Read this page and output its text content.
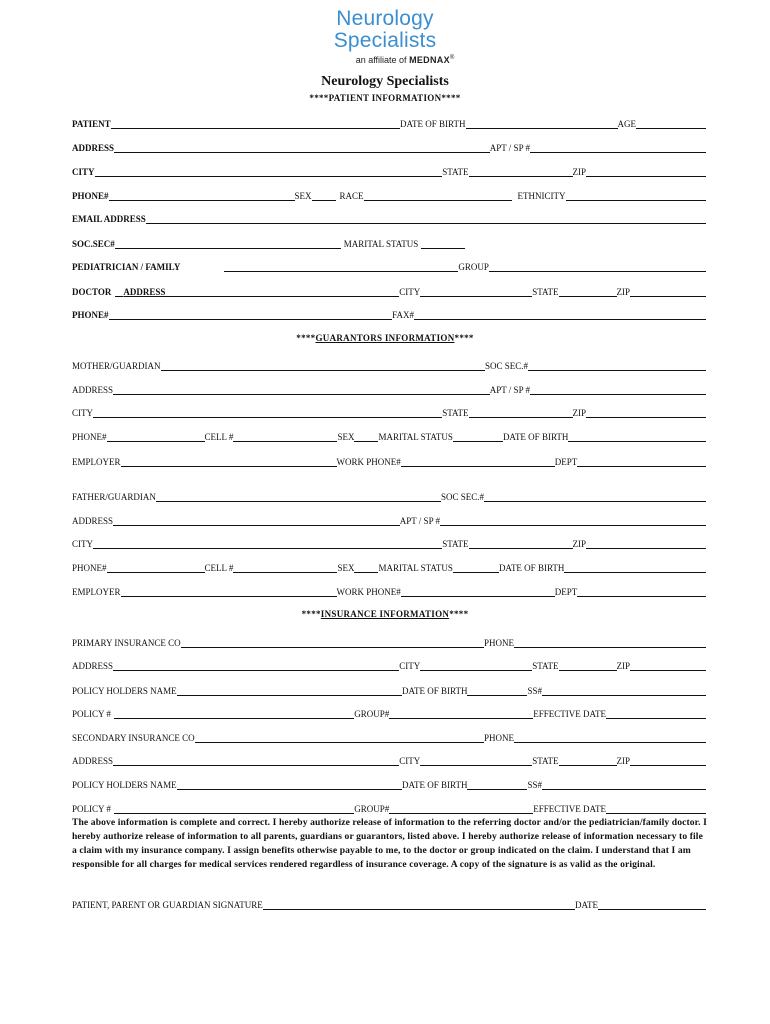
Neurology
Specialists
an affiliate of MEDNAX®
Neurology Specialists
****PATIENT INFORMATION****
PATIENT	DATE OF BIRTH	AGE
ADDRESS	APT / SP #
CITY	STATE	ZIP
PHONE#	SEX	RACE	ETHNICITY
EMAIL ADDRESS
SOC.SEC#	MARITAL STATUS
PEDIATRICIAN / FAMILY	GROUP
DOCTOR ADDRESS	CITY	STATE	ZIP
PHONE#	FAX#
****GUARANTORS INFORMATION****
MOTHER/GUARDIAN	SOC SEC.#
ADDRESS	APT / SP #
CITY	STATE	ZIP
PHONE#	CELL #	SEX	MARITAL STATUS	DATE OF BIRTH
EMPLOYER	WORK PHONE#	DEPT
FATHER/GUARDIAN	SOC SEC.#
ADDRESS	APT / SP #
CITY	STATE	ZIP
PHONE#	CELL #	SEX	MARITAL STATUS	DATE OF BIRTH
EMPLOYER	WORK PHONE#	DEPT
****INSURANCE INFORMATION****
PRIMARY INSURANCE CO	PHONE
ADDRESS	CITY	STATE	ZIP
POLICY HOLDERS NAME	DATE OF BIRTH	SS#
POLICY #	GROUP#	EFFECTIVE DATE
SECONDARY INSURANCE CO	PHONE
ADDRESS	CITY	STATE	ZIP
POLICY HOLDERS NAME	DATE OF BIRTH	SS#
POLICY #	GROUP#	EFFECTIVE DATE
The above information is complete and correct. I hereby authorize release of information to the referring doctor and/or the pediatrician/family doctor. I hereby authorize release of information to all parents, guardians or guarantors, listed above. I hereby authorize release of information necessary to file a claim with my insurance company. I assign benefits otherwise payable to me, to the doctor or group indicated on the claim. I understand that I am responsible for all charges for medical services rendered regardless of insurance coverage. A copy of the signature is as valid as the original.
PATIENT, PARENT OR GUARDIAN SIGNATURE	DATE
